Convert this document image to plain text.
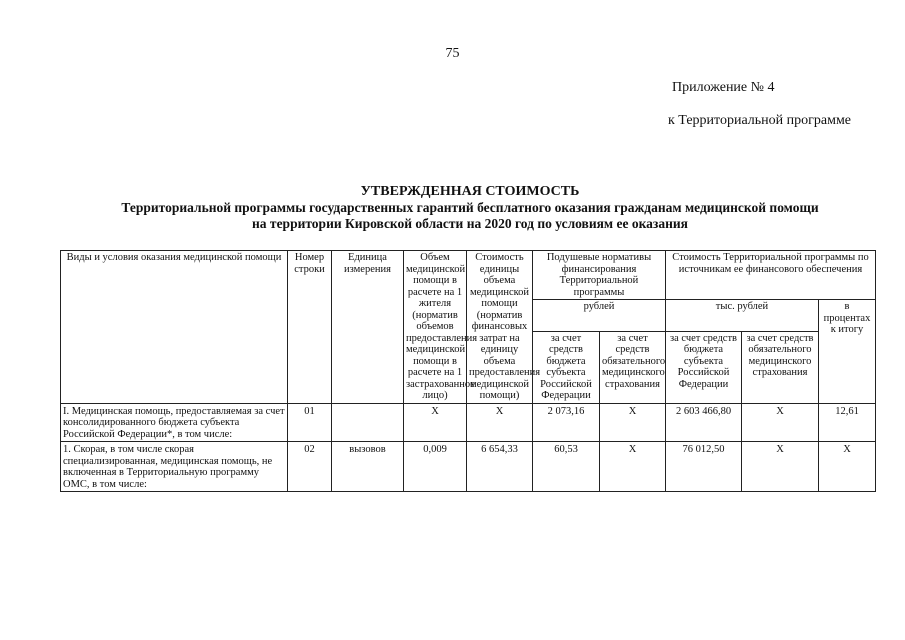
75
Приложение № 4
к Территориальной программе
УТВЕРЖДЕННАЯ СТОИМОСТЬ
Территориальной программы государственных гарантий бесплатного оказания гражданам медицинской помощи
на территории Кировской области на 2020 год по условиям ее оказания
Виды и условия оказания медицинской помощи	Номер строки	Единица измерения	Объем медицинской помощи в расчете на 1 жителя (норматив объемов предоставления медицинской помощи в расчете на 1 застрахованное лицо)	Стоимость единицы объема медицинской помощи (норматив финансовых затрат на единицу объема предоставления медицинской помощи)	Подушевые нормативы финансирования Территориальной программы		Стоимость Территориальной программы по источникам ее финансового обеспечения		
					рублей		тыс. рублей		в процентах к итогу
					за счет средств бюджета субъекта Российской Федерации	за счет средств обязательного медицинского страхования	за счет средств бюджета субъекта Российской Федерации	за счет средств обязательного медицинского страхования	
I. Медицинская помощь, предоставляемая за счет консолидированного бюджета субъекта Российской Федерации*, в том числе:	01		X	X	2 073,16	X	2 603 466,80	X	12,61
1. Скорая, в том числе скорая специализированная, медицинская помощь, не включенная в Территориальную программу ОМС, в том числе:	02	вызовов	0,009	6 654,33	60,53	X	76 012,50	X	X
